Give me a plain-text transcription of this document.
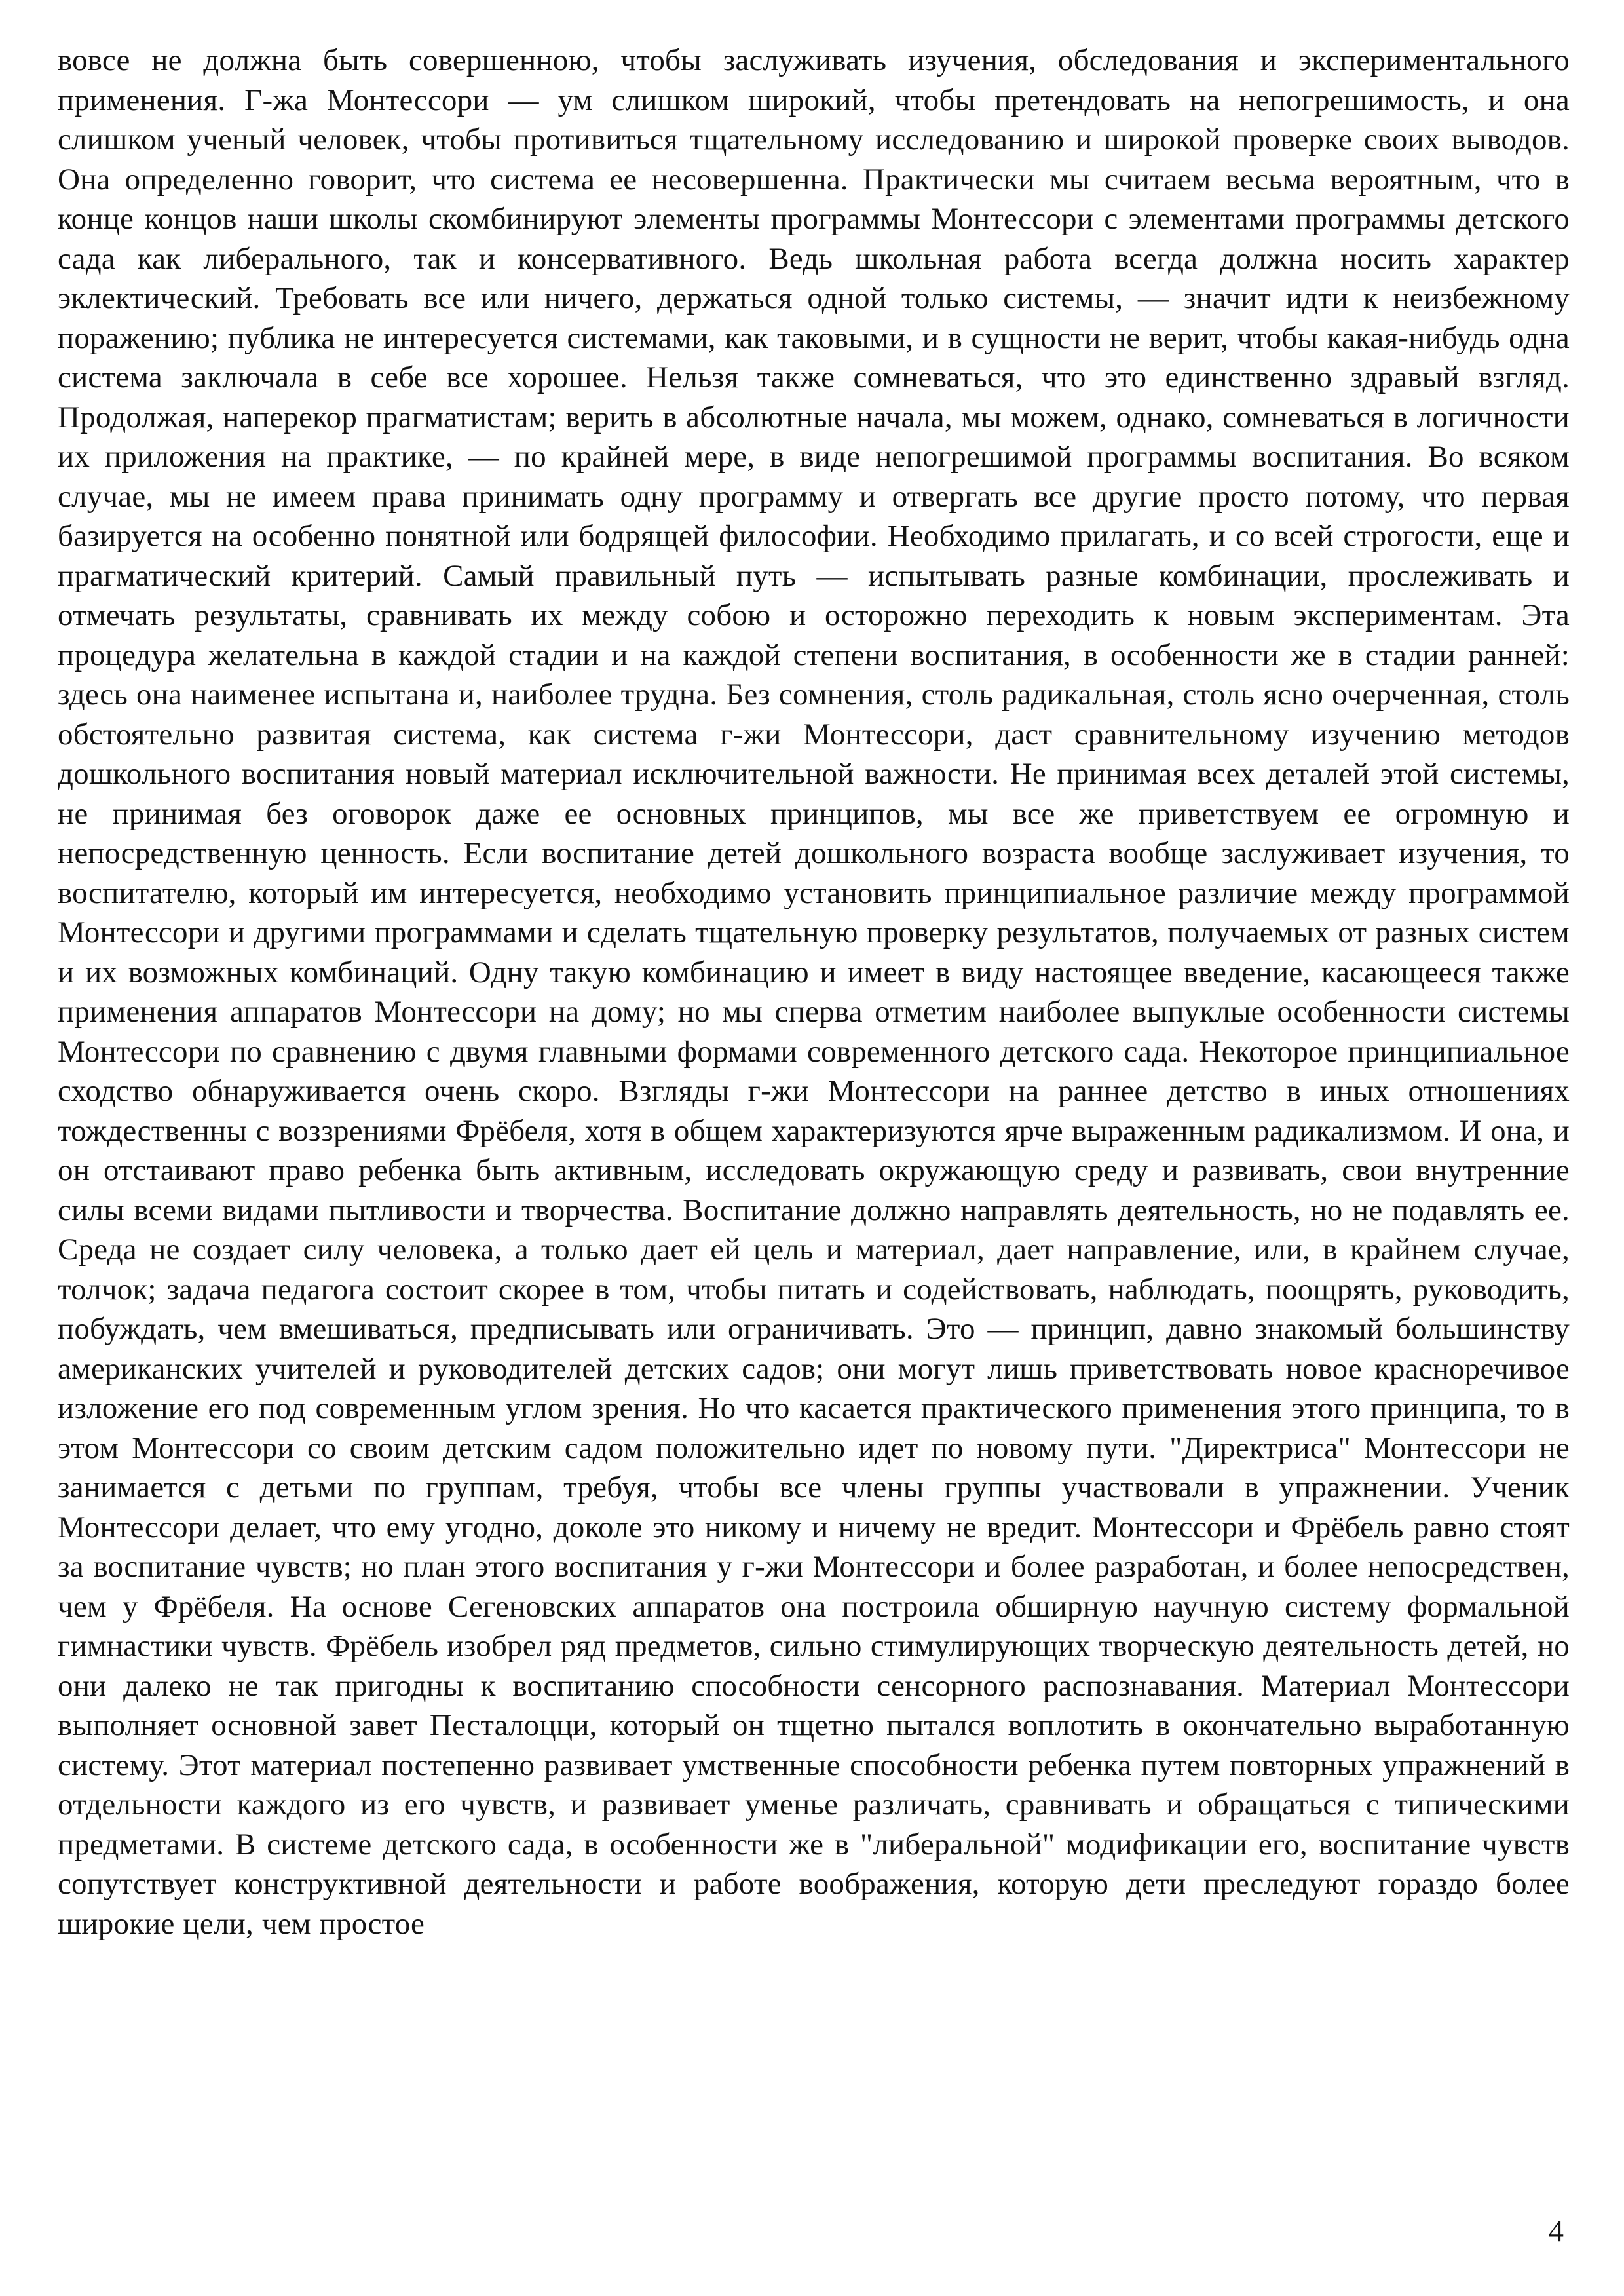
вовсе не должна быть совершенною, чтобы заслуживать изучения, обследования и экспериментального применения. Г-жа Монтессори — ум слишком широкий, чтобы претендовать на непогрешимость, и она слишком ученый человек, чтобы противиться тщательному исследованию и широкой проверке своих выводов. Она определенно говорит, что система ее несовершенна. Практически мы считаем весьма вероятным, что в конце концов наши школы скомбинируют элементы программы Монтессори с элементами программы детского сада как либерального, так и консервативного. Ведь школьная работа всегда должна носить характер эклектический. Требовать все или ничего, держаться одной только системы, — значит идти к неизбежному поражению; публика не интересуется системами, как таковыми, и в сущности не верит, чтобы какая-нибудь одна система заключала в себе все хорошее. Нельзя также сомневаться, что это единственно здравый взгляд. Продолжая, наперекор прагматистам; верить в абсолютные начала, мы можем, однако, сомневаться в логичности их приложения на практике, — по крайней мере, в виде непогрешимой программы воспитания. Во всяком случае, мы не имеем права принимать одну программу и отвергать все другие просто потому, что первая базируется на особенно понятной или бодрящей философии. Необходимо прилагать, и со всей строгости, еще и прагматический критерий. Самый правильный путь — испытывать разные комбинации, прослеживать и отмечать результаты, сравнивать их между собою и осторожно переходить к новым экспериментам. Эта процедура желательна в каждой стадии и на каждой степени воспитания, в особенности же в стадии ранней: здесь она наименее испытана и, наиболее трудна. Без сомнения, столь радикальная, столь ясно очерченная, столь обстоятельно развитая система, как система г-жи Монтессори, даст сравнительному изучению методов дошкольного воспитания новый материал исключительной важности. Не принимая всех деталей этой системы, не принимая без оговорок даже ее основных принципов, мы все же приветствуем ее огромную и непосредственную ценность. Если воспитание детей дошкольного возраста вообще заслуживает изучения, то воспитателю, который им интересуется, необходимо установить принципиальное различие между программой Монтессори и другими программами и сделать тщательную проверку результатов, получаемых от разных систем и их возможных комбинаций. Одну такую комбинацию и имеет в виду настоящее введение, касающееся также применения аппаратов Монтессори на дому; но мы сперва отметим наиболее выпуклые особенности системы Монтессори по сравнению с двумя главными формами современного детского сада. Некоторое принципиальное сходство обнаруживается очень скоро. Взгляды г-жи Монтессори на раннее детство в иных отношениях тождественны с воззрениями Фрёбеля, хотя в общем характеризуются ярче выраженным радикализмом. И она, и он отстаивают право ребенка быть активным, исследовать окружающую среду и развивать, свои внутренние силы всеми видами пытливости и творчества. Воспитание должно направлять деятельность, но не подавлять ее. Среда не создает силу человека, а только дает ей цель и материал, дает направление, или, в крайнем случае, толчок; задача педагога состоит скорее в том, чтобы питать и содействовать, наблюдать, поощрять, руководить, побуждать, чем вмешиваться, предписывать или ограничивать. Это — принцип, давно знакомый большинству американских учителей и руководителей детских садов; они могут лишь приветствовать новое красноречивое изложение его под современным углом зрения. Но что касается практического применения этого принципа, то в этом Монтессори со своим детским садом положительно идет по новому пути. "Директриса" Монтессори не занимается с детьми по группам, требуя, чтобы все члены группы участвовали в упражнении. Ученик Монтессори делает, что ему угодно, доколе это никому и ничему не вредит. Монтессори и Фрёбель равно стоят за воспитание чувств; но план этого воспитания у г-жи Монтессори и более разработан, и более непосредствен, чем у Фрёбеля. На основе Сегеновских аппаратов она построила обширную научную систему формальной гимнастики чувств. Фрёбель изобрел ряд предметов, сильно стимулирующих творческую деятельность детей, но они далеко не так пригодны к воспитанию способности сенсорного распознавания. Материал Монтессори выполняет основной завет Песталоцци, который он тщетно пытался воплотить в окончательно выработанную систему. Этот материал постепенно развивает умственные способности ребенка путем повторных упражнений в отдельности каждого из его чувств, и развивает уменье различать, сравнивать и обращаться с типическими предметами. В системе детского сада, в особенности же в "либеральной" модификации его, воспитание чувств сопутствует конструктивной деятельности и работе воображения, которую дети преследуют гораздо более широкие цели, чем простое
4
